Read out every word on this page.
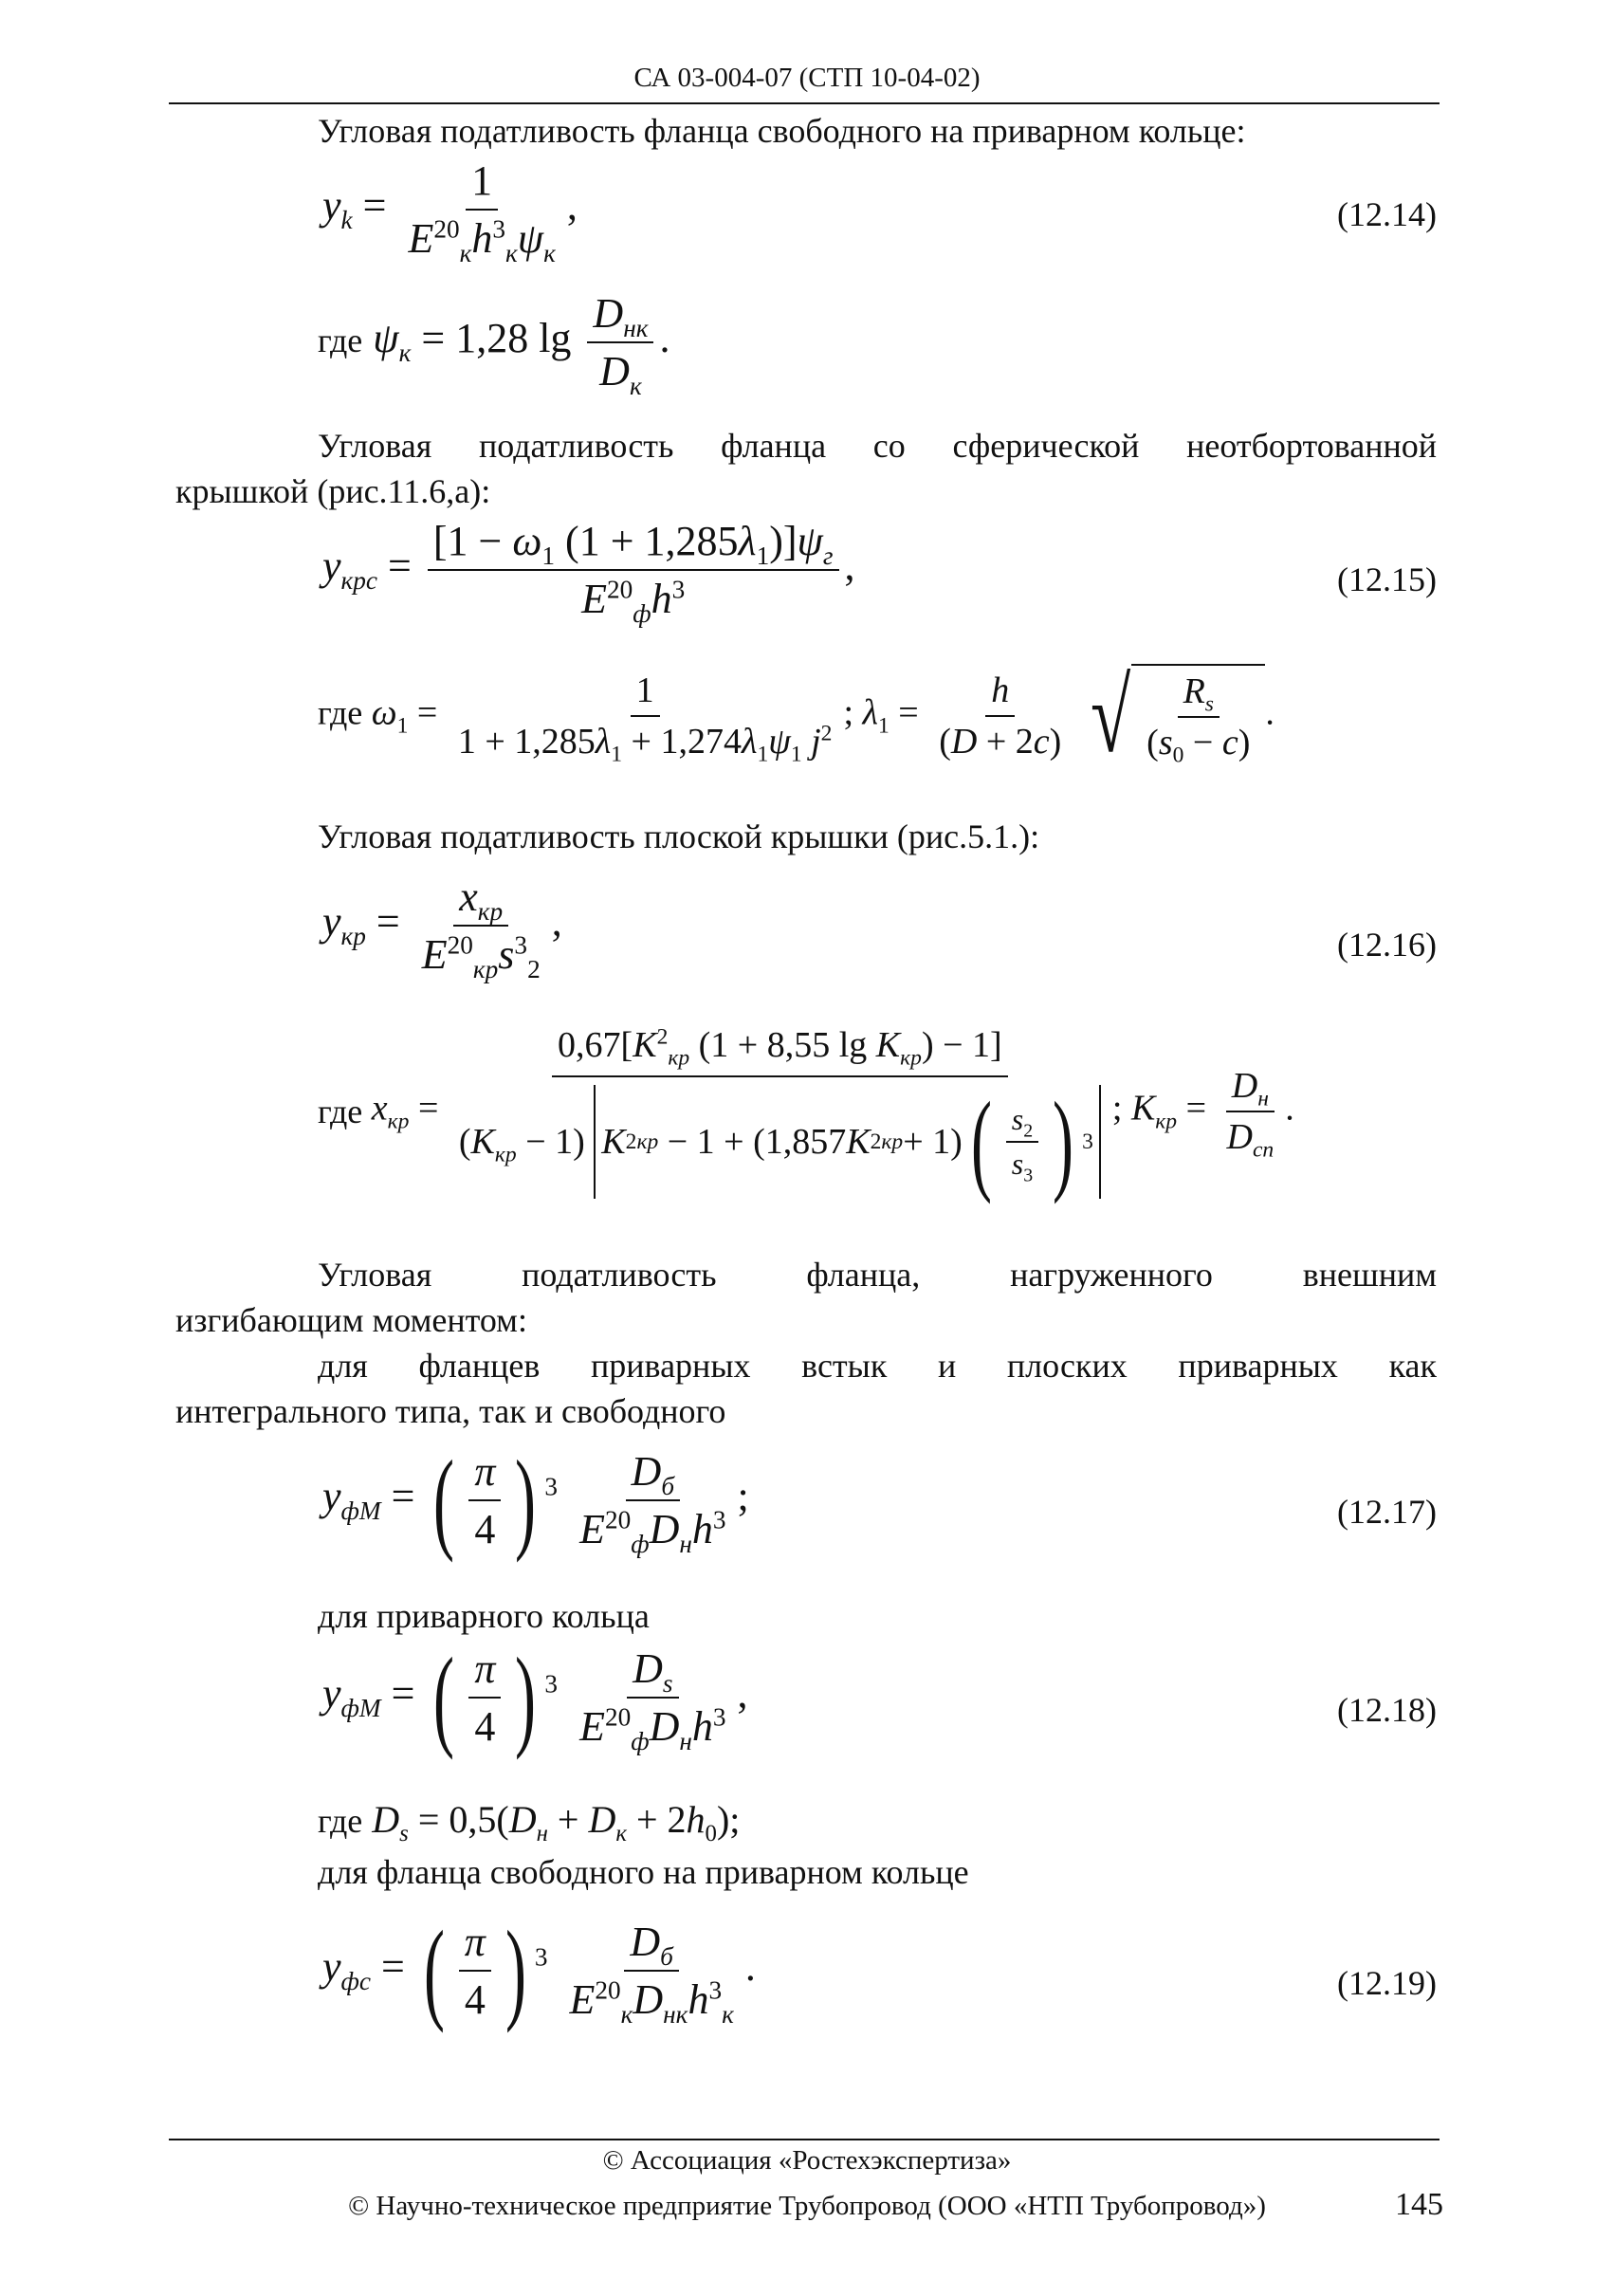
СА 03-004-07 (СТП 10-04-02)
Угловая податливость фланца свободного на приварном кольце:
$y_k = \frac{1}{E^{20}_кh^3_к\psi_к}$ ,	(12.14)
где $\psi_к = 1,28$ $\lg \frac{D_{нк}}{D_к}$ .
Угловая податливость фланца со сферической неотбортованной
крышкой (рис.11.6,а):
$y_{крс} = \frac{[1 - \omega_1 (1 + 1,285\lambda_1)]\psi_г}{E^{20}_фh^3}$ ,	(12.15)
где $\omega_1 = \frac{1}{1 + 1,285\lambda_1 + 1,274\lambda_1\psi_1 j^2}$ ; $\lambda_1 = \frac{h}{(D + 2c)}$
√ $\frac{R_s}{(s_0 - c)}$ .
Угловая податливость плоской крышки (рис.5.1.):
$y_{кр} = \frac{x_{кр}}{E^{20}_{кр}s^3_2}$ ,	(12.16)
где $x_{кр}$ =
$0,67[K^2_{кр}$ (1 + 8,55 $\lg K_{кр}) - 1$]
$(K_{кр} - 1)$ K 2 кр − 1 + (1,857 K 2 кр + 1) ( $\frac{s_2}{s_3}$ ) 3
; $K_{кр} = \frac{D_н}{D_{сп}}$ .
Угловая податливость фланца, нагруженного внешним
изгибающим моментом:
для фланцев приварных встык и плоских приварных как
интегрального типа, так и свободного
$y_{фМ}$ = ( $\frac{\pi}{4}$ ) $^3 \frac{D_б}{E^{20}_фD_нh^3}$ ;	(12.17)
для приварного кольца
$y_{фМ}$ = ( $\frac{\pi}{4}$ ) $^3 \frac{D_s}{E^{20}_фD_нh^3}$ ,	(12.18)
где $D_s = 0,5(D_н + D_к + 2h_0)$;
для фланца свободного на приварном кольце
$y_{фс}$ = ( $\frac{\pi}{4}$ ) $^3 \frac{D_б}{E^{20}_кD_{нк}h^3_к}$ .	(12.19)
© Ассоциация «Ростехэкспертиза»
© Научно-техническое предприятие Трубопровод (ООО «НТП Трубопровод»)	145
